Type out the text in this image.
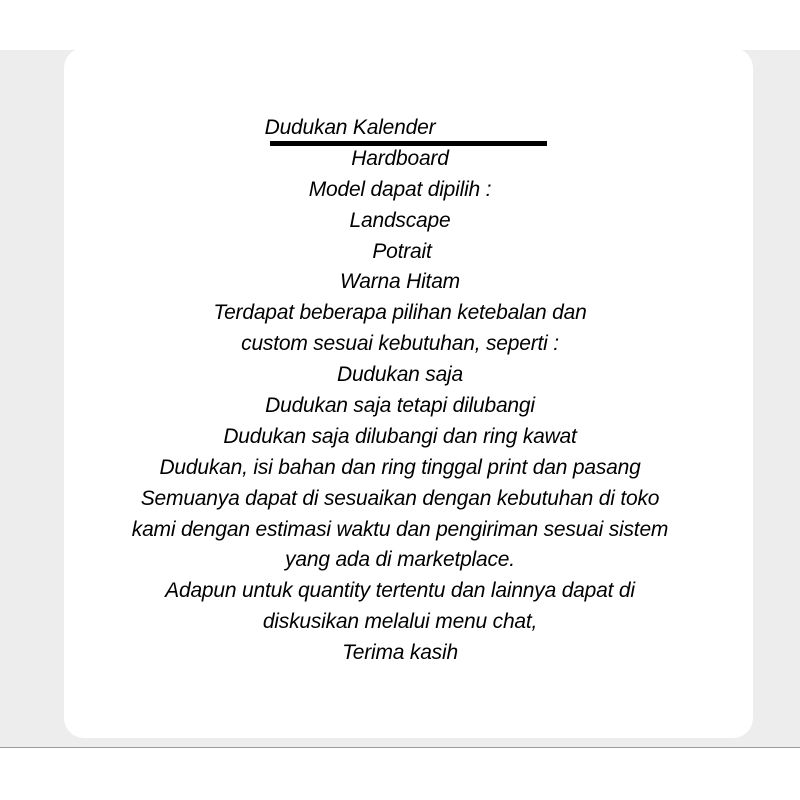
Dudukan Kalender
Hardboard
Model dapat dipilih :
Landscape
Potrait
Warna Hitam
Terdapat beberapa pilihan ketebalan dan
custom sesuai kebutuhan, seperti :
Dudukan saja
Dudukan saja tetapi dilubangi
Dudukan saja dilubangi dan ring kawat
Dudukan, isi bahan dan ring tinggal print dan pasang
Semuanya dapat di sesuaikan dengan kebutuhan di toko
kami dengan estimasi waktu dan pengiriman sesuai sistem
yang ada di marketplace.
Adapun untuk quantity tertentu dan lainnya dapat di
diskusikan melalui menu chat,
Terima kasih
